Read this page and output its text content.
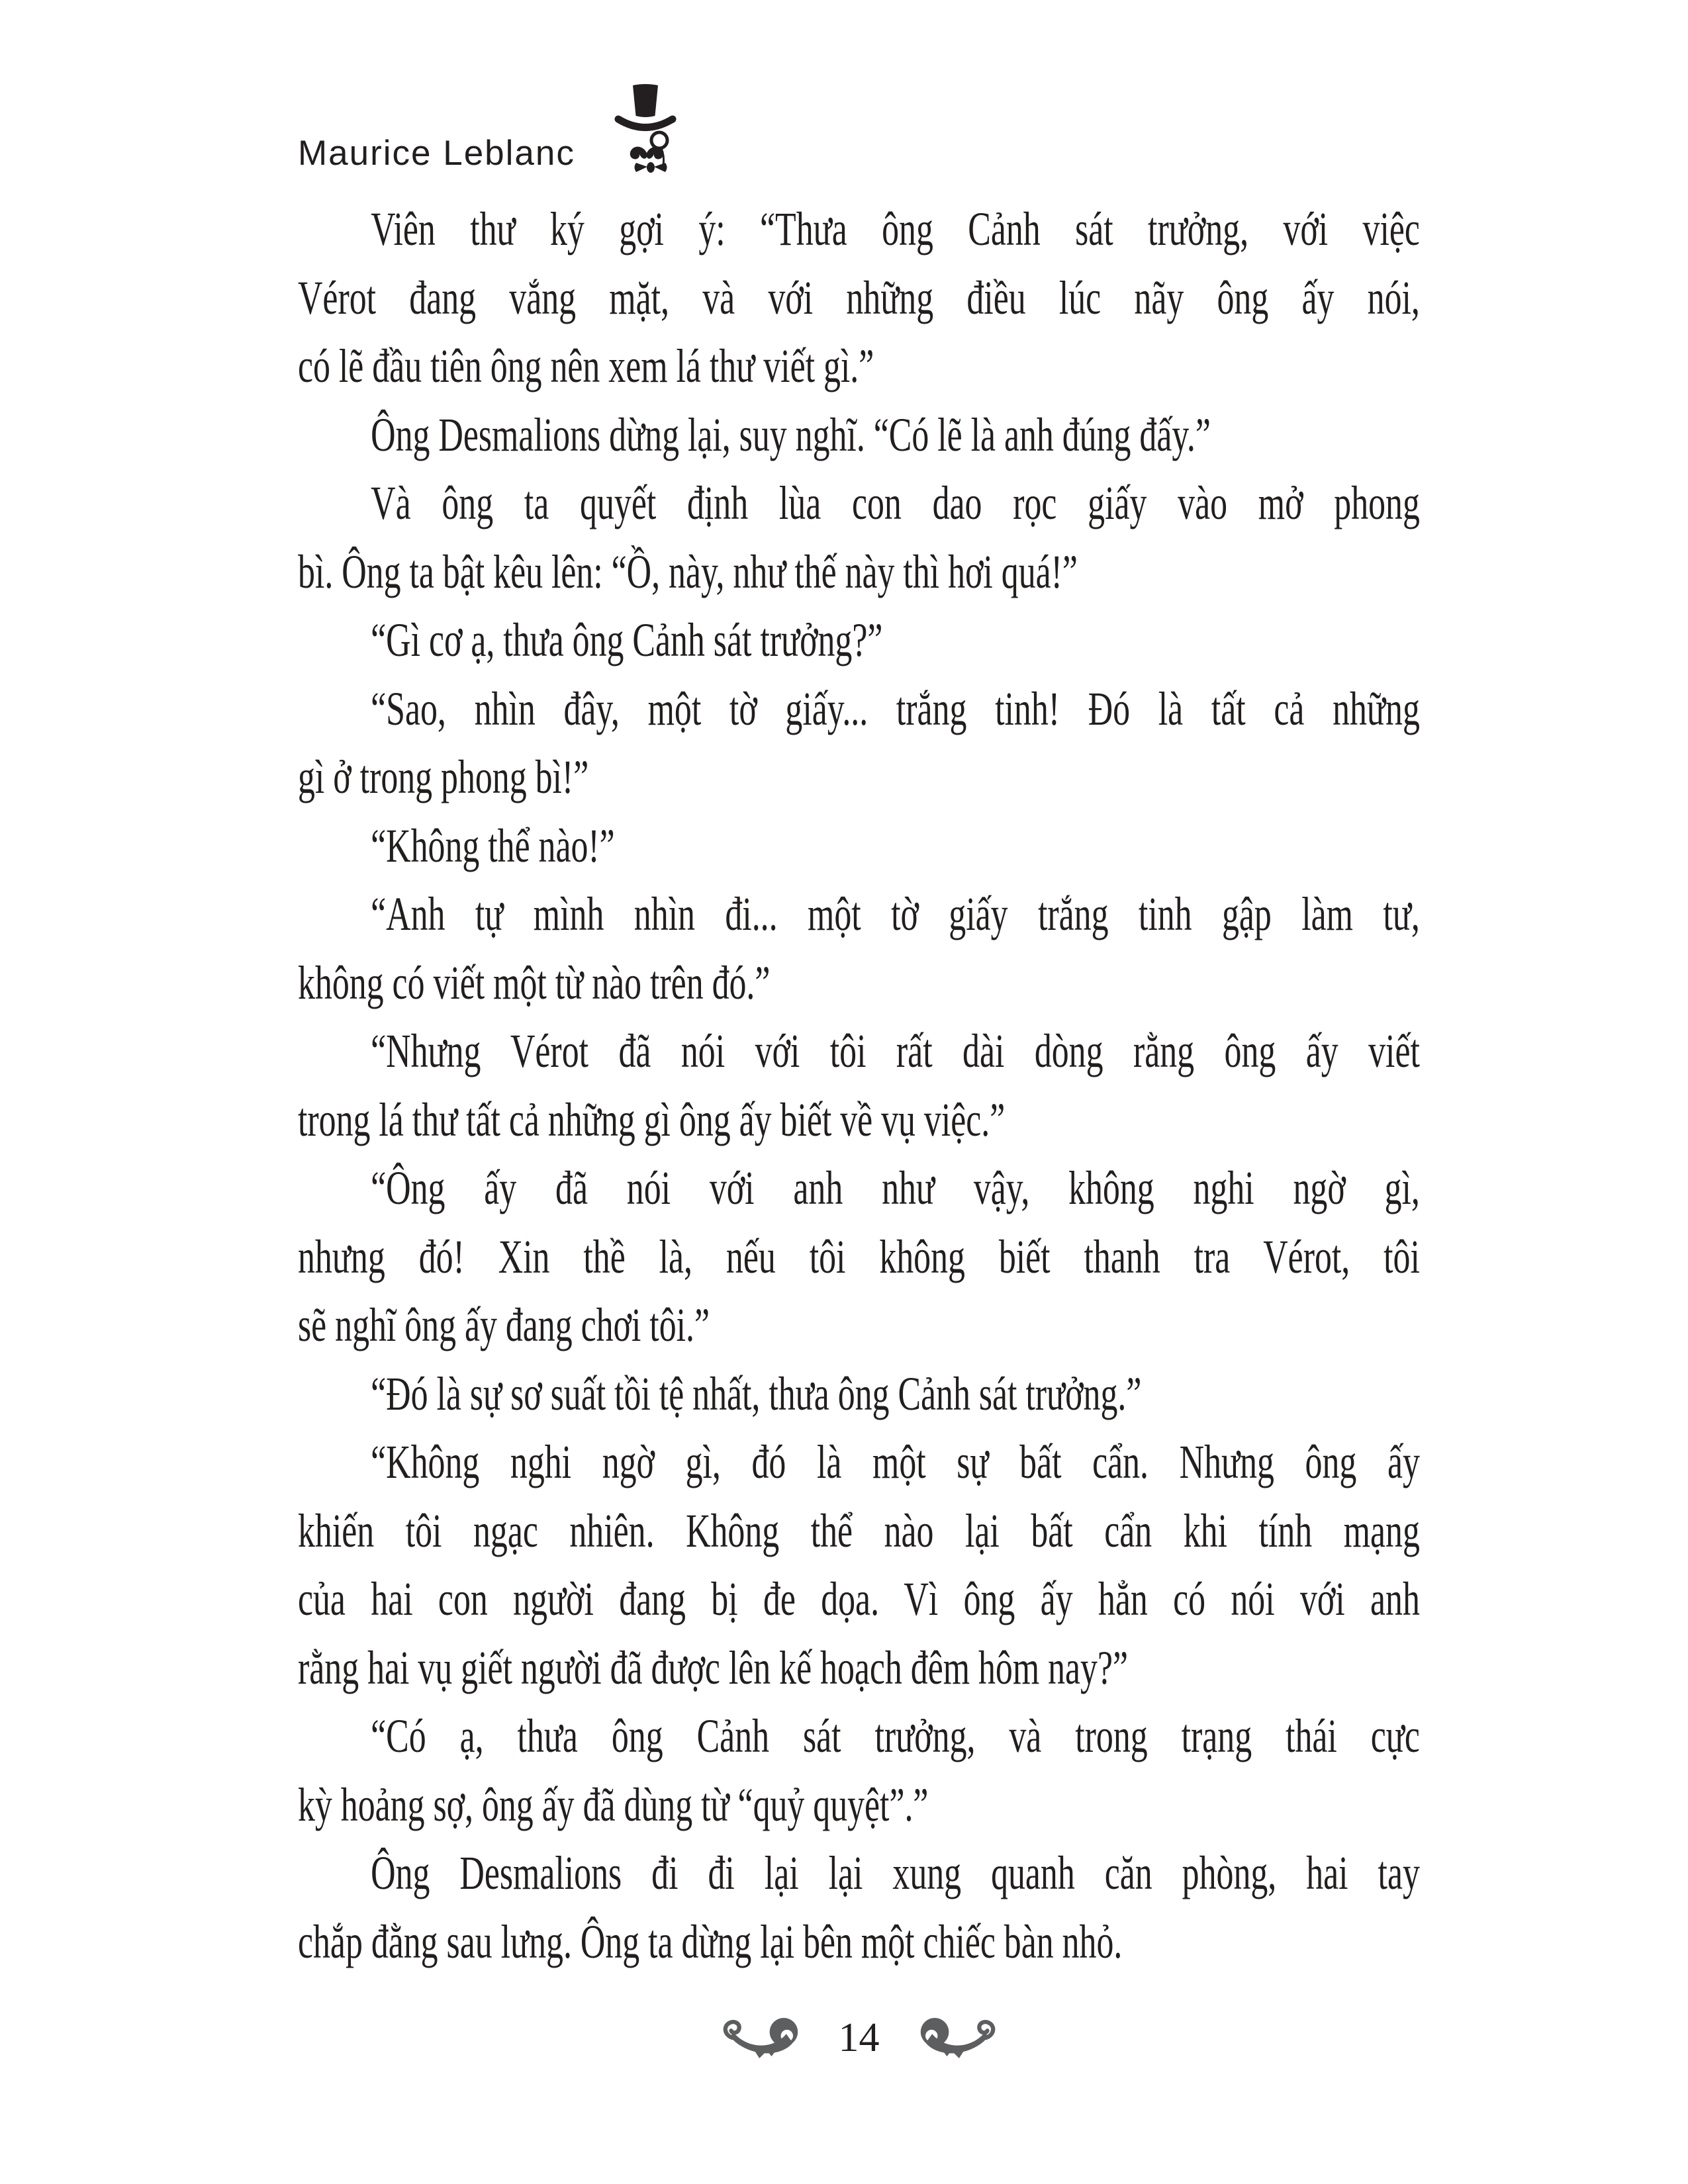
Maurice Leblanc
Viên thư ký gợi ý: “Thưa ông Cảnh sát trưởng, với việc
Vérot đang vắng mặt, và với những điều lúc nãy ông ấy nói,
có lẽ đầu tiên ông nên xem lá thư viết gì.”
Ông Desmalions dừng lại, suy nghĩ. “Có lẽ là anh đúng đấy.”
Và ông ta quyết định lùa con dao rọc giấy vào mở phong
bì. Ông ta bật kêu lên: “Ồ, này, như thế này thì hơi quá!”
“Gì cơ ạ, thưa ông Cảnh sát trưởng?”
“Sao, nhìn đây, một tờ giấy... trắng tinh! Đó là tất cả những
gì ở trong phong bì!”
“Không thể nào!”
“Anh tự mình nhìn đi... một tờ giấy trắng tinh gập làm tư,
không có viết một từ nào trên đó.”
“Nhưng Vérot đã nói với tôi rất dài dòng rằng ông ấy viết
trong lá thư tất cả những gì ông ấy biết về vụ việc.”
“Ông ấy đã nói với anh như vậy, không nghi ngờ gì,
nhưng đó! Xin thề là, nếu tôi không biết thanh tra Vérot, tôi
sẽ nghĩ ông ấy đang chơi tôi.”
“Đó là sự sơ suất tồi tệ nhất, thưa ông Cảnh sát trưởng.”
“Không nghi ngờ gì, đó là một sự bất cẩn. Nhưng ông ấy
khiến tôi ngạc nhiên. Không thể nào lại bất cẩn khi tính mạng
của hai con người đang bị đe dọa. Vì ông ấy hẳn có nói với anh
rằng hai vụ giết người đã được lên kế hoạch đêm hôm nay?”
“Có ạ, thưa ông Cảnh sát trưởng, và trong trạng thái cực
kỳ hoảng sợ, ông ấy đã dùng từ “quỷ quyệt”.”
Ông Desmalions đi đi lại lại xung quanh căn phòng, hai tay
chắp đằng sau lưng. Ông ta dừng lại bên một chiếc bàn nhỏ.
14
